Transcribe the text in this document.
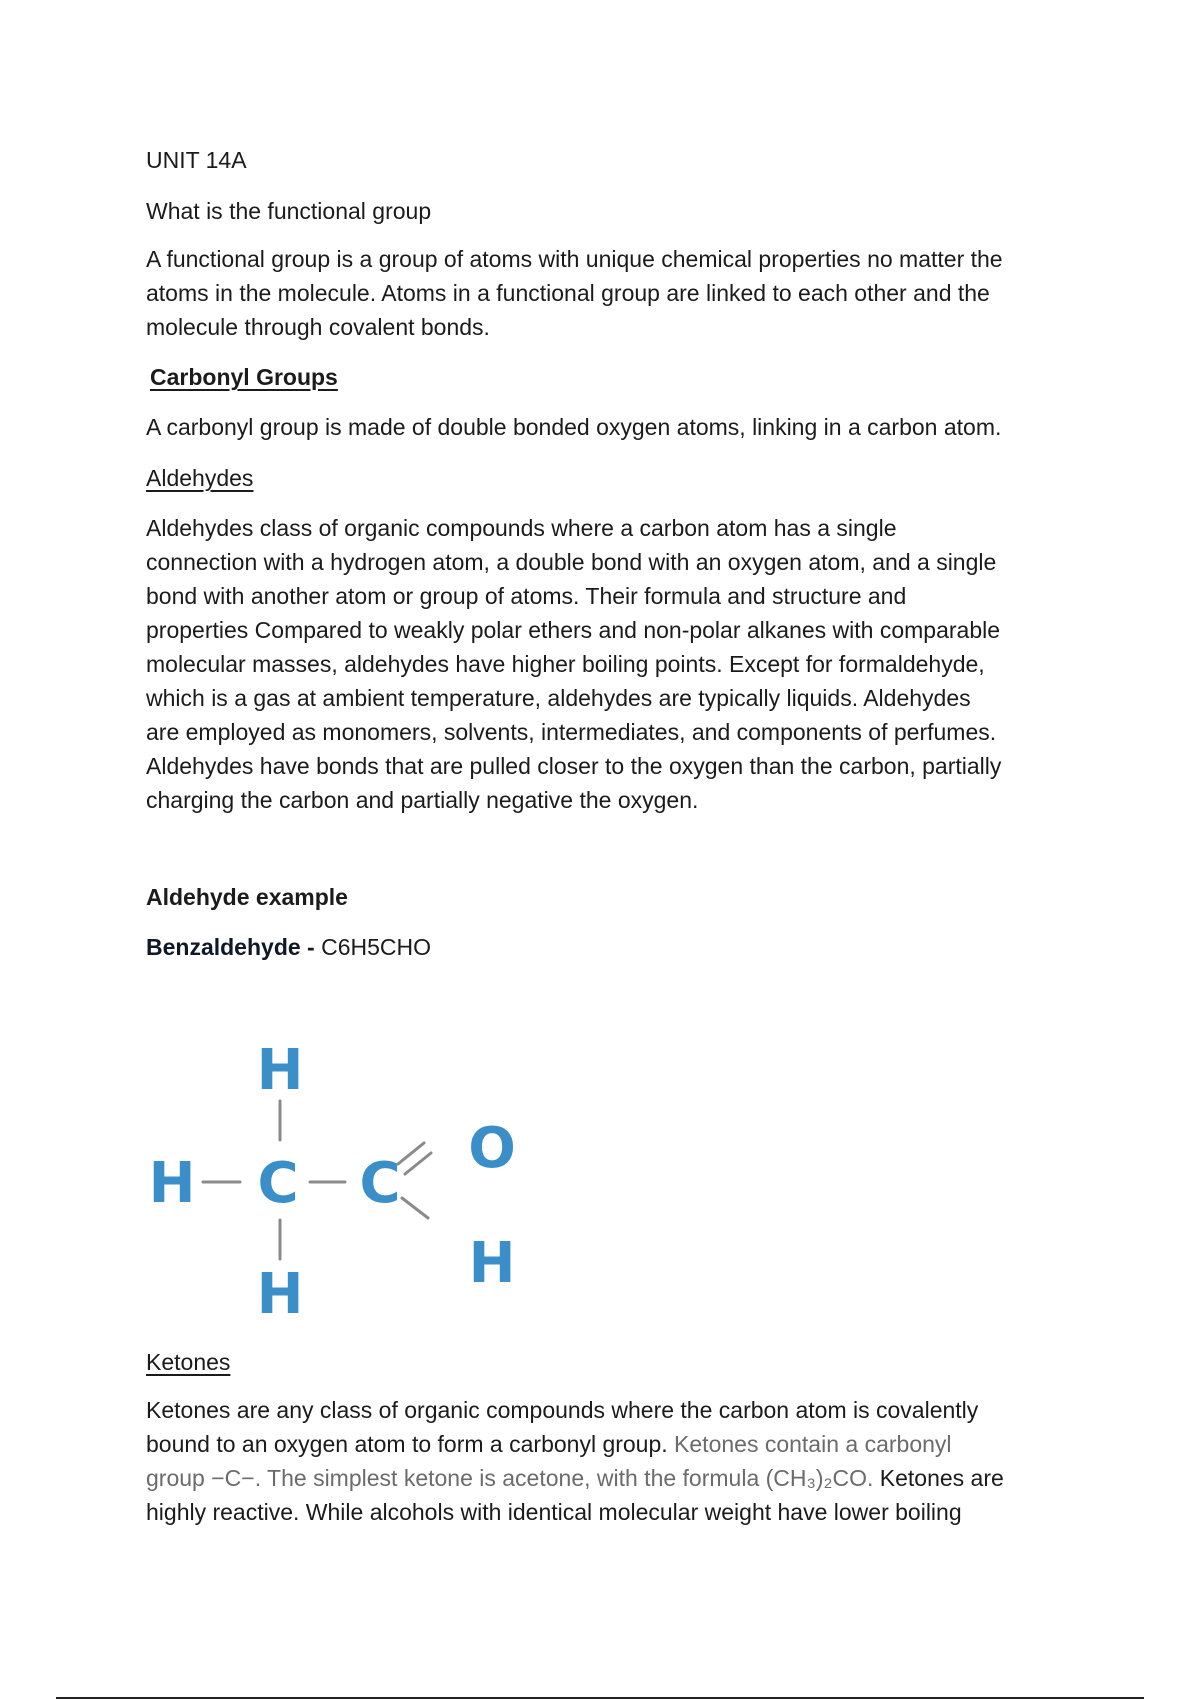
UNIT 14A

What is the functional group

A functional group is a group of atoms with unique chemical properties no matter the
atoms in the molecule. Atoms in a functional group are linked to each other and the
molecule through covalent bonds.

Carbonyl Groups

A carbonyl group is made of double bonded oxygen atoms, linking in a carbon atom.

Aldehydes

Aldehydes class of organic compounds where a carbon atom has a single
connection with a hydrogen atom, a double bond with an oxygen atom, and a single
bond with another atom or group of atoms. Their formula and structure and
properties Compared to weakly polar ethers and non-polar alkanes with comparable
molecular masses, aldehydes have higher boiling points. Except for formaldehyde,
which is a gas at ambient temperature, aldehydes are typically liquids. Aldehydes
are employed as monomers, solvents, intermediates, and components of perfumes.
Aldehydes have bonds that are pulled closer to the oxygen than the carbon, partially
charging the carbon and partially negative the oxygen.

Aldehyde example

Benzaldehyde - C6H5CHO

H
H C C
O
H
H

Ketones

Ketones are any class of organic compounds where the carbon atom is covalently
bound to an oxygen atom to form a carbonyl group. Ketones contain a carbonyl
group −C−. The simplest ketone is acetone, with the formula (CH₃)₂CO. Ketones are
highly reactive. While alcohols with identical molecular weight have lower boiling
